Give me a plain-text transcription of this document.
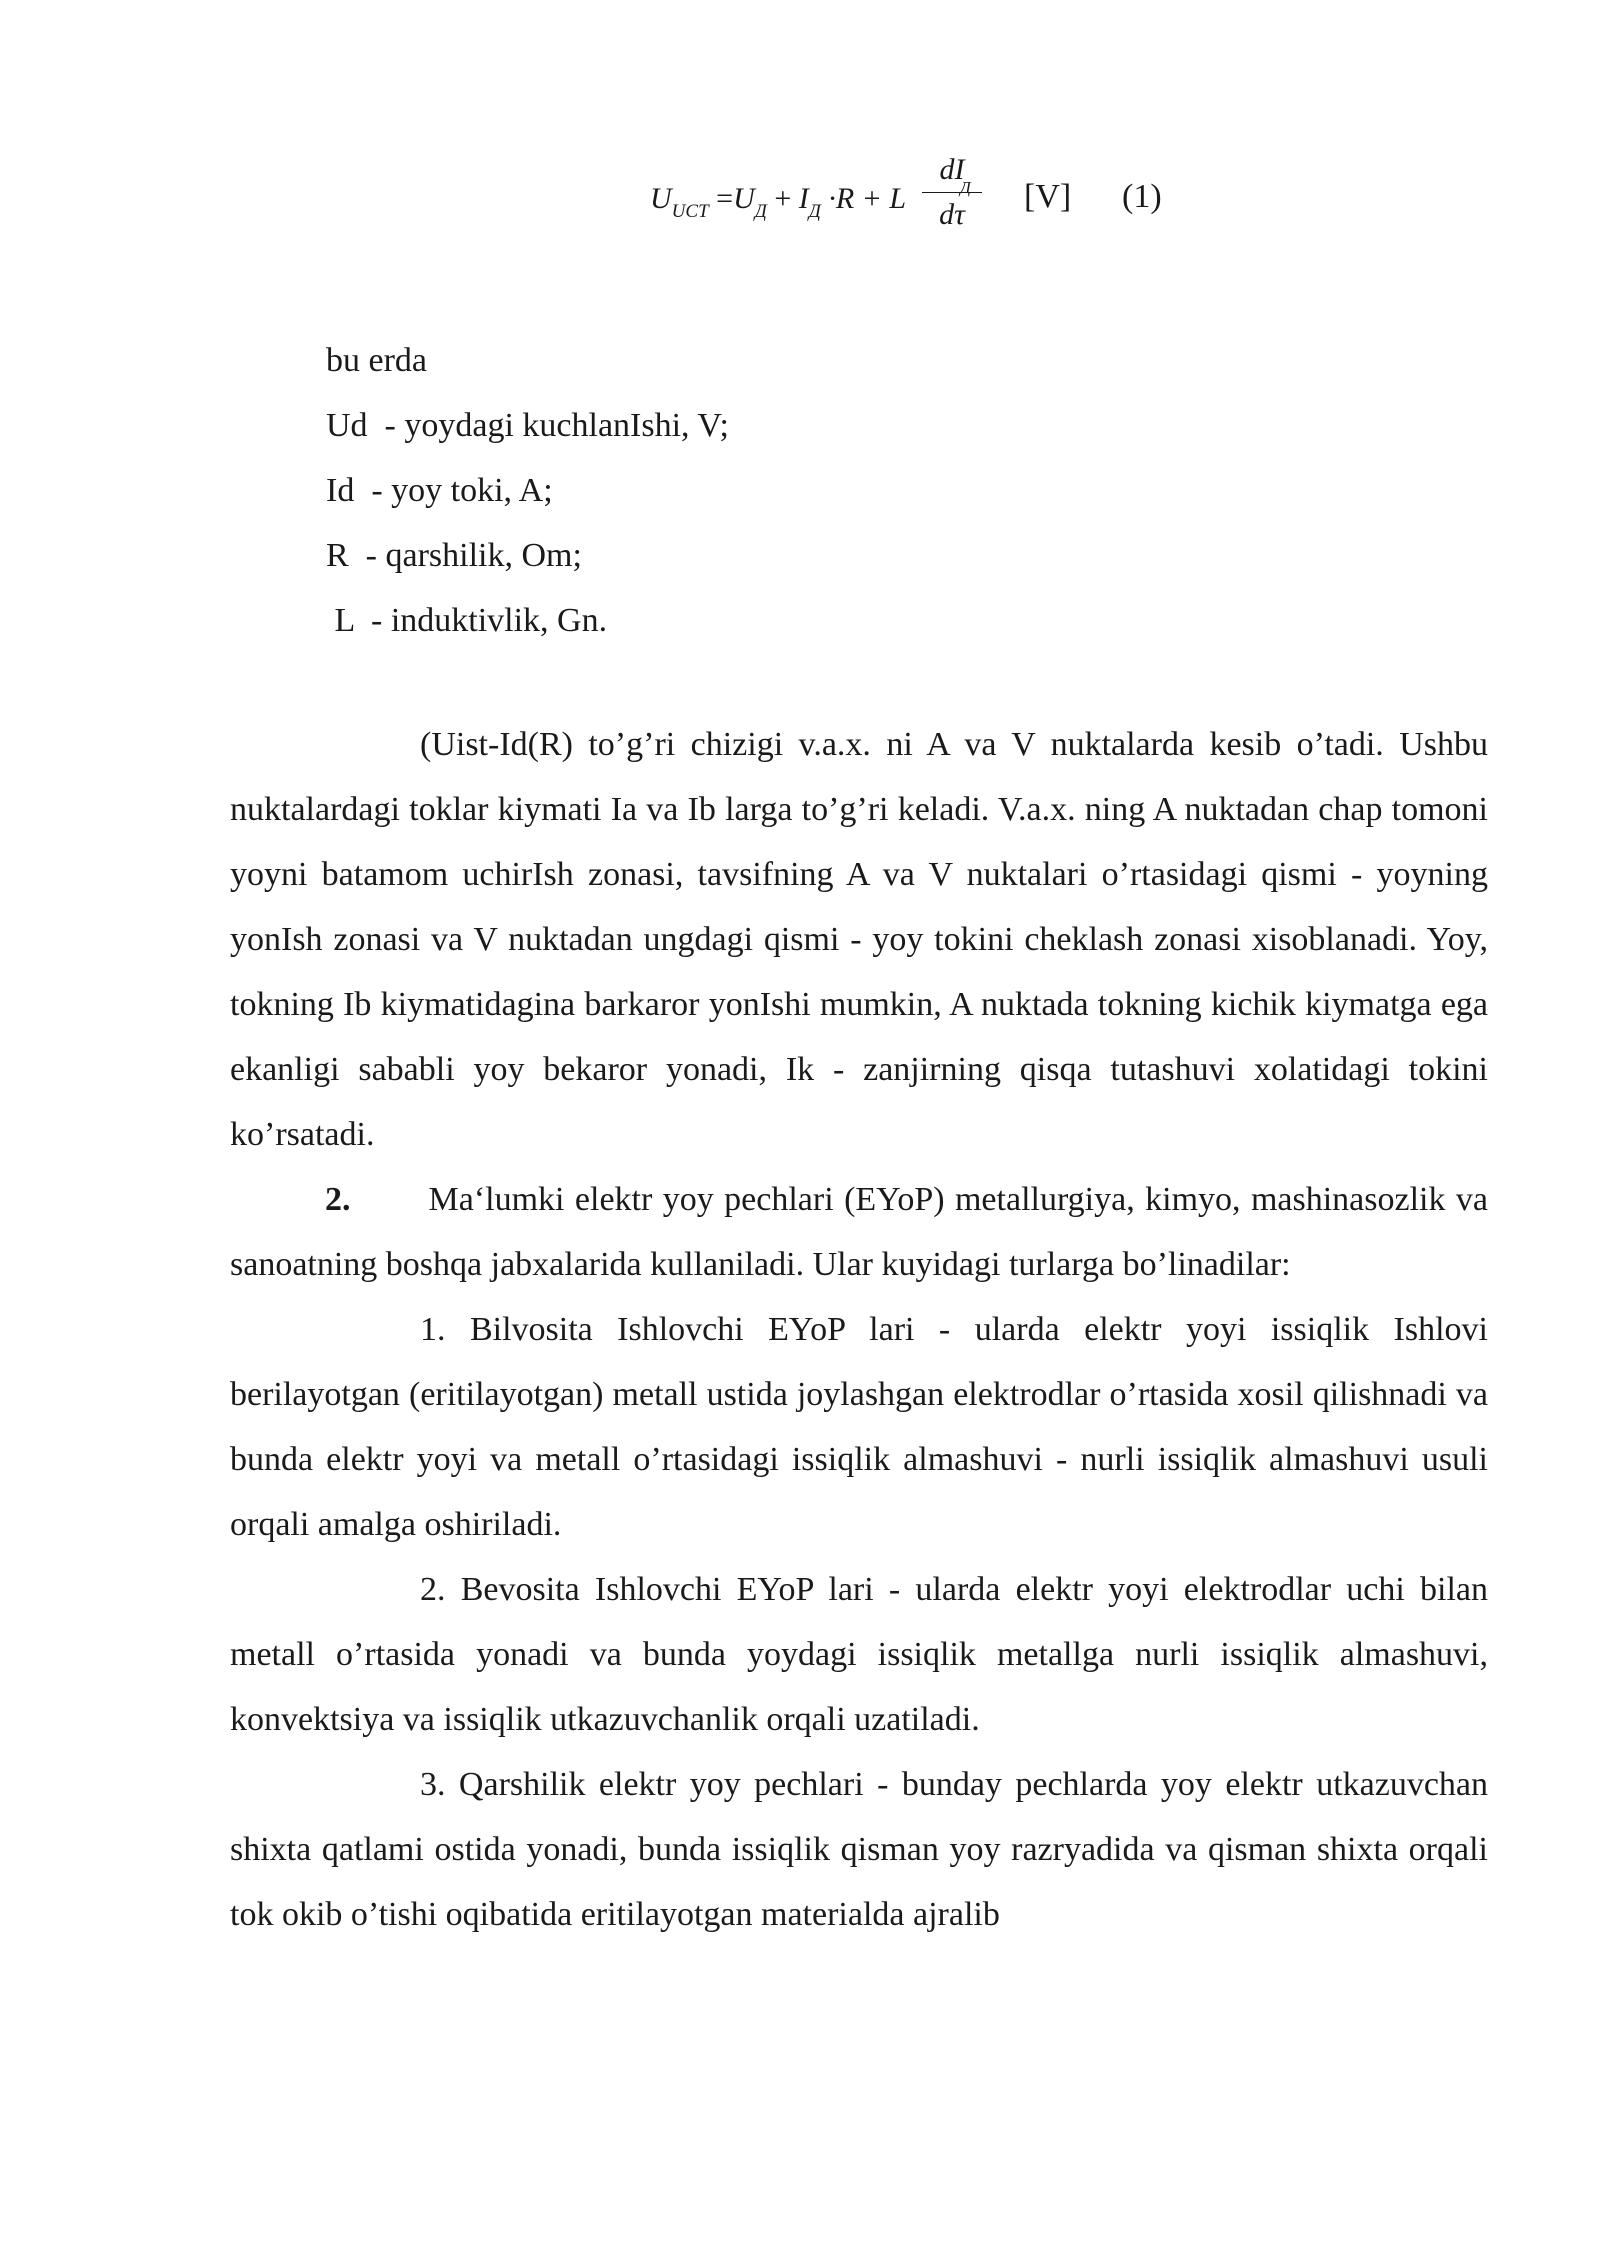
$U_{UCT} =U_Д + I_Д \cdot R + L$
dI
Д
dτ	[V] (1)
bu erda
Ud  - yoydagi kuchlanIshi, V;
Id  - yoy toki, A;
R  - qarshilik, Om;
L  - induktivlik, Gn.

(Uist-Id(R) to’g’ri chizigi v.a.x. ni A va V nuktalarda kesib o’tadi. Ushbu nuktalardagi toklar kiymati Ia va Ib larga to’g’ri keladi. V.a.x. ning A nuktadan chap tomoni yoyni batamom uchirIsh zonasi, tavsifning A va V nuktalari o’rtasidagi qismi - yoyning yonIsh zonasi va V nuktadan ungdagi qismi - yoy tokini cheklash zonasi xisoblanadi. Yoy, tokning Ib kiymatidagina barkaror yonIshi mumkin, A nuktada tokning kichik kiymatga ega ekanligi sababli yoy bekaror yonadi, Ik - zanjirning qisqa tutashuvi xolatidagi tokini ko’rsatadi.

2. Ma‘lumki elektr yoy pechlari (EYoP) metallurgiya, kimyo, mashinasozlik va sanoatning boshqa jabxalarida kullaniladi. Ular kuyidagi turlarga bo’linadilar:

1. Bilvosita Ishlovchi EYoP lari - ularda elektr yoyi issiqlik Ishlovi berilayotgan (eritilayotgan) metall ustida joylashgan elektrodlar o’rtasida xosil qilishnadi va bunda elektr yoyi va metall o’rtasidagi issiqlik almashuvi - nurli issiqlik almashuvi usuli orqali amalga oshiriladi.

2. Bevosita Ishlovchi EYoP lari - ularda elektr yoyi elektrodlar uchi bilan metall o’rtasida yonadi va bunda yoydagi issiqlik metallga nurli issiqlik almashuvi, konvektsiya va issiqlik utkazuvchanlik orqali uzatiladi.

3. Qarshilik elektr yoy pechlari - bunday pechlarda yoy elektr utkazuvchan shixta qatlami ostida yonadi, bunda issiqlik qisman yoy razryadida va qisman shixta orqali tok okib o’tishi oqibatida eritilayotgan materialda ajralib
